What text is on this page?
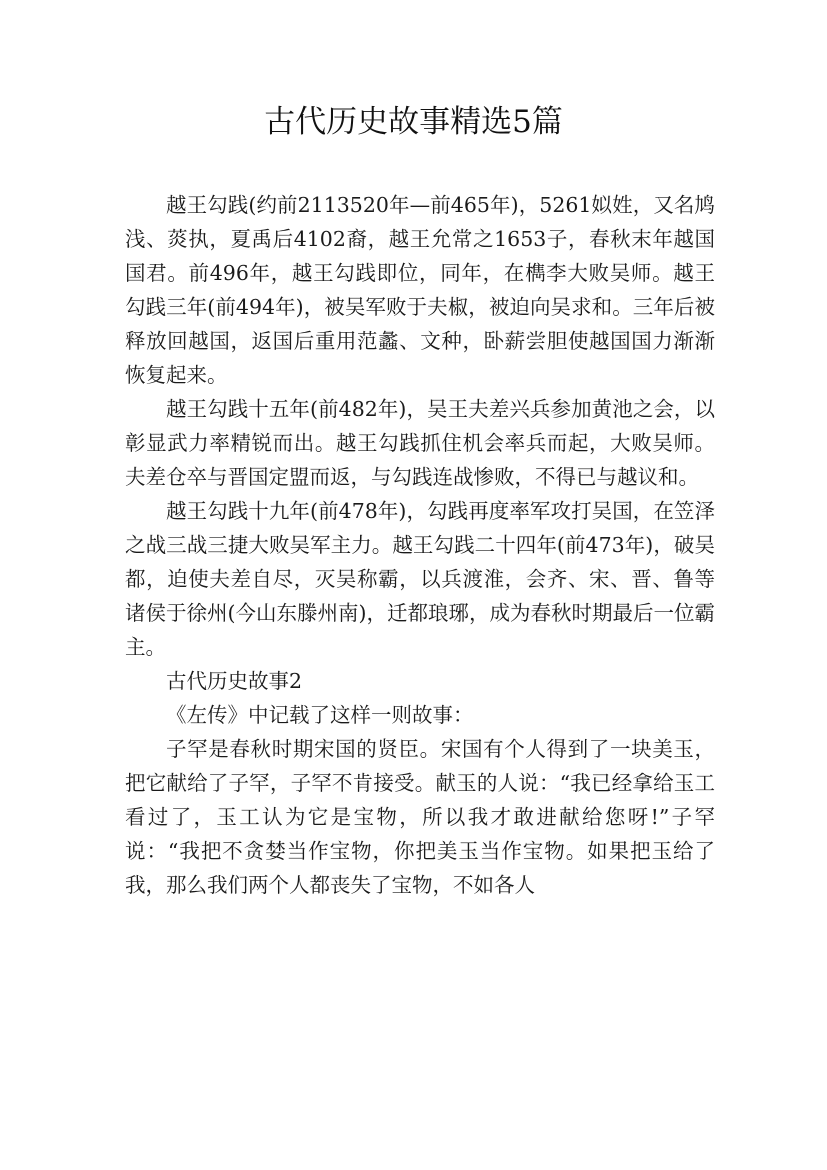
古代历史故事精选5篇

越王勾践(约前2113520年—前465年)，5261姒姓，又名鸠浅、菼执，夏禹后4102裔，越王允常之1653子，春秋末年越国国君。前496年，越王勾践即位，同年，在檇李大败吴师。越王勾践三年(前494年)，被吴军败于夫椒，被迫向吴求和。三年后被释放回越国，返国后重用范蠡、文种，卧薪尝胆使越国国力渐渐恢复起来。

越王勾践十五年(前482年)，吴王夫差兴兵参加黄池之会，以彰显武力率精锐而出。越王勾践抓住机会率兵而起，大败吴师。夫差仓卒与晋国定盟而返，与勾践连战惨败，不得已与越议和。

越王勾践十九年(前478年)，勾践再度率军攻打吴国，在笠泽之战三战三捷大败吴军主力。越王勾践二十四年(前473年)，破吴都，迫使夫差自尽，灭吴称霸，以兵渡淮，会齐、宋、晋、鲁等诸侯于徐州(今山东滕州南)，迁都琅琊，成为春秋时期最后一位霸主。

古代历史故事2

《左传》中记载了这样一则故事：

子罕是春秋时期宋国的贤臣。宋国有个人得到了一块美玉，把它献给了子罕，子罕不肯接受。献玉的人说：“我已经拿给玉工看过了，玉工认为它是宝物，所以我才敢进献给您呀!”子罕说：“我把不贪婪当作宝物，你把美玉当作宝物。如果把玉给了我，那么我们两个人都丧失了宝物，不如各人
